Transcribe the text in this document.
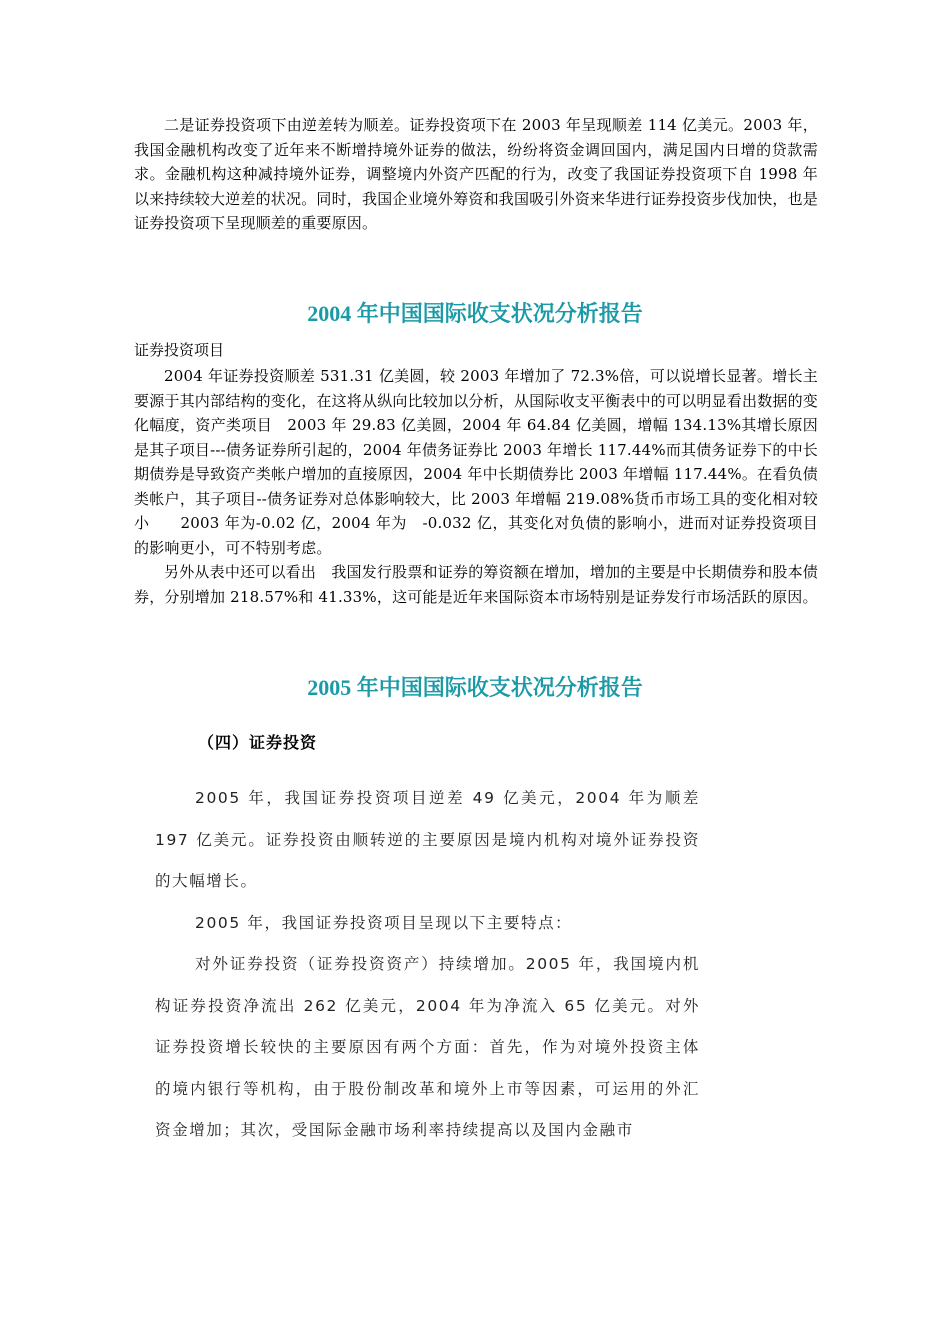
二是证券投资项下由逆差转为顺差。证券投资项下在 2003 年呈现顺差 114 亿美元。2003 年，我国金融机构改变了近年来不断增持境外证券的做法，纷纷将资金调回国内，满足国内日增的贷款需求。金融机构这种减持境外证券，调整境内外资产匹配的行为，改变了我国证券投资项下自 1998 年以来持续较大逆差的状况。同时，我国企业境外筹资和我国吸引外资来华进行证券投资步伐加快，也是证券投资项下呈现顺差的重要原因。

2004 年中国国际收支状况分析报告

证券投资项目

2004 年证券投资顺差 531.31 亿美圆，较 2003 年增加了 72.3%倍，可以说增长显著。增长主要源于其内部结构的变化，在这将从纵向比较加以分析，从国际收支平衡表中的可以明显看出数据的变化幅度，资产类项目　2003 年 29.83 亿美圆，2004 年 64.84 亿美圆，增幅 134.13%其增长原因是其子项目---债务证券所引起的，2004 年债务证券比 2003 年增长 117.44%而其债务证券下的中长期债券是导致资产类帐户增加的直接原因，2004 年中长期债券比 2003 年增幅 117.44%。在看负债类帐户，其子项目--债务证券对总体影响较大，比 2003 年增幅 219.08%货币市场工具的变化相对较小　　2003 年为-0.02 亿，2004 年为　-0.032 亿，其变化对负债的影响小，进而对证券投资项目的影响更小，可不特别考虑。

另外从表中还可以看出　我国发行股票和证券的筹资额在增加，增加的主要是中长期债券和股本债券，分别增加 218.57%和 41.33%，这可能是近年来国际资本市场特别是证券发行市场活跃的原因。

2005 年中国国际收支状况分析报告

（四）证券投资

2005 年，我国证券投资项目逆差 49 亿美元，2004 年为顺差 197 亿美元。证券投资由顺转逆的主要原因是境内机构对境外证券投资的大幅增长。

2005 年，我国证券投资项目呈现以下主要特点：

对外证券投资（证券投资资产）持续增加。2005 年，我国境内机构证券投资净流出 262 亿美元，2004 年为净流入 65 亿美元。对外证券投资增长较快的主要原因有两个方面：首先，作为对境外投资主体的境内银行等机构，由于股份制改革和境外上市等因素，可运用的外汇资金增加；其次，受国际金融市场利率持续提高以及国内金融市
